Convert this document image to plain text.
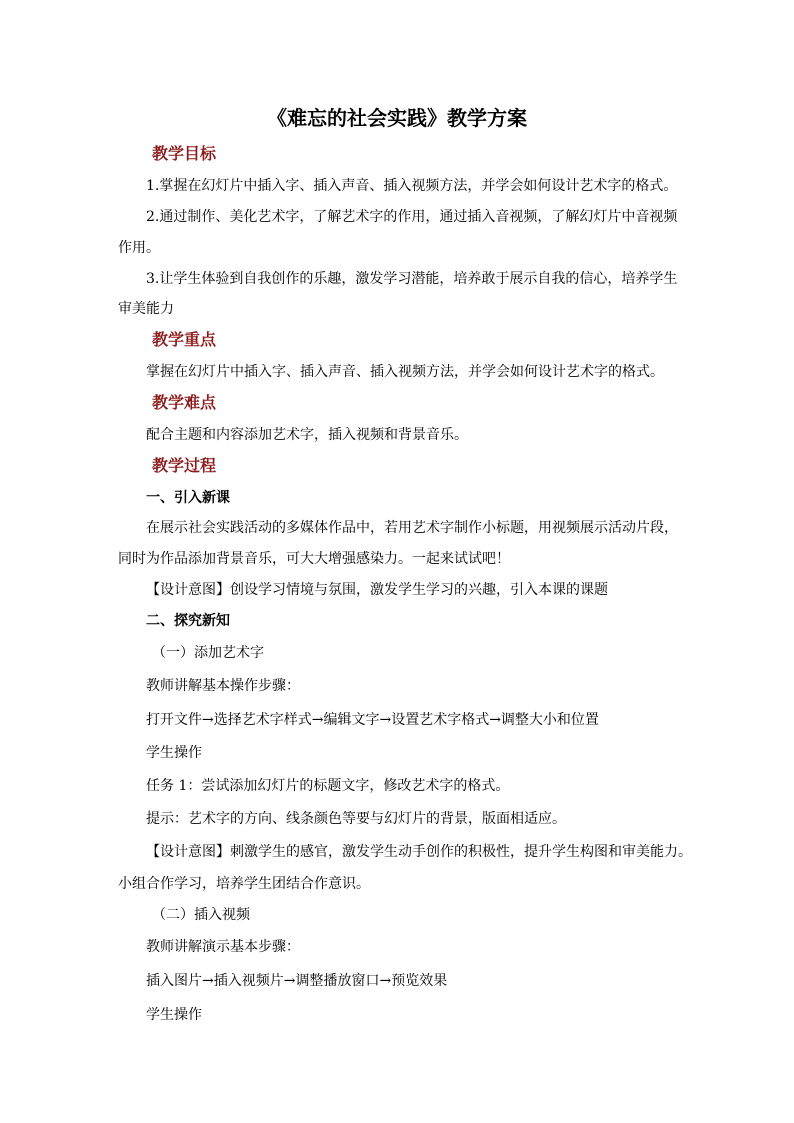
《难忘的社会实践》教学方案
教学目标
1.掌握在幻灯片中插入字、插入声音、插入视频方法，并学会如何设计艺术字的格式。
2.通过制作、美化艺术字，了解艺术字的作用，通过插入音视频，了解幻灯片中音视频
作用。
3.让学生体验到自我创作的乐趣，激发学习潜能，培养敢于展示自我的信心，培养学生
审美能力
教学重点
掌握在幻灯片中插入字、插入声音、插入视频方法，并学会如何设计艺术字的格式。
教学难点
配合主题和内容添加艺术字，插入视频和背景音乐。
教学过程
一、引入新课
在展示社会实践活动的多媒体作品中，若用艺术字制作小标题，用视频展示活动片段，
同时为作品添加背景音乐，可大大增强感染力。一起来试试吧！
【设计意图】创设学习情境与氛围，激发学生学习的兴趣，引入本课的课题
二、探究新知
（一）添加艺术字
教师讲解基本操作步骤：
打开文件→选择艺术字样式→编辑文字→设置艺术字格式→调整大小和位置
学生操作
任务 1：尝试添加幻灯片的标题文字，修改艺术字的格式。
提示：艺术字的方向、线条颜色等要与幻灯片的背景，版面相适应。
【设计意图】刺激学生的感官，激发学生动手创作的积极性，提升学生构图和审美能力。
小组合作学习，培养学生团结合作意识。
（二）插入视频
教师讲解演示基本步骤：
插入图片→插入视频片→调整播放窗口→预览效果
学生操作
